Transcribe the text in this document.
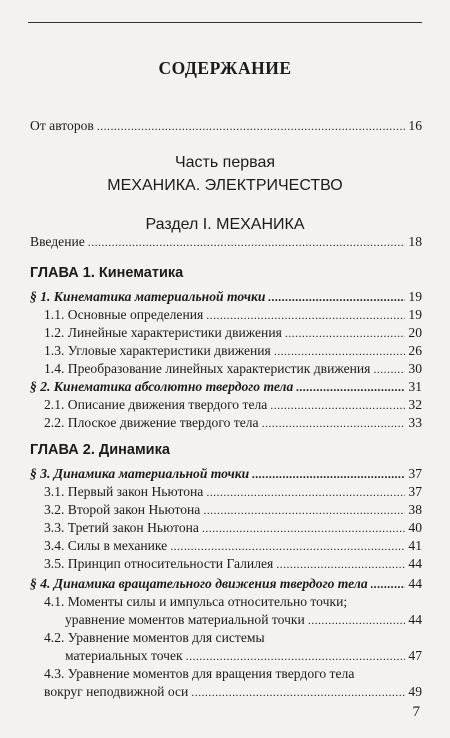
СОДЕРЖАНИЕ
От авторов . . .	16
Часть первая
МЕХАНИКА. ЭЛЕКТРИЧЕСТВО
Раздел I. МЕХАНИКА
Введение . . .	18
ГЛАВА 1. Кинематика
§ 1. Кинематика материальной точки . . .	19
1.1. Основные определения . . .	19
1.2. Линейные характеристики движения . . .	20
1.3. Угловые характеристики движения . . .	26
1.4. Преобразование линейных характеристик движения . . .	30
§ 2. Кинематика абсолютно твердого тела . . .	31
2.1. Описание движения твердого тела . . .	32
2.2. Плоское движение твердого тела . . .	33
ГЛАВА 2. Динамика
§ 3. Динамика материальной точки . . .	37
3.1. Первый закон Ньютона . . .	37
3.2. Второй закон Ньютона . . .	38
3.3. Третий закон Ньютона . . .	40
3.4. Силы в механике . . .	41
3.5. Принцип относительности Галилея . . .	44
§ 4. Динамика вращательного движения твердого тела . . .	44
4.1. Моменты силы и импульса относительно точки;
уравнение моментов материальной точки . . .	44
4.2. Уравнение моментов для системы
материальных точек . . .	47
4.3. Уравнение моментов для вращения твердого тела
вокруг неподвижной оси . . .	49
7
